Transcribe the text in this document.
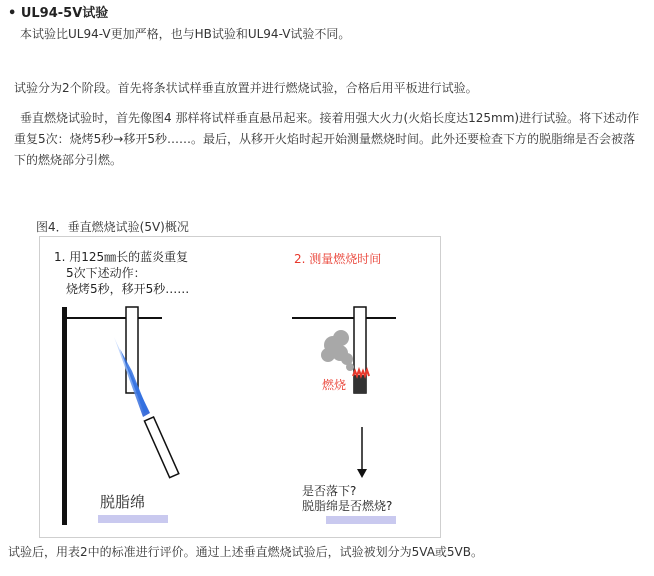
• UL94-5V试验
本试验比UL94-V更加严格，也与HB试验和UL94-V试验不同。
试验分为2个阶段。首先将条状试样垂直放置并进行燃烧试验，合格后用平板进行试验。
垂直燃烧试验时，首先像图4 那样将试样垂直悬吊起来。接着用强大火力(火焰长度达125mm)进行试验。将下述动作重复5次：烧烤5秒→移开5秒……。最后，从移开火焰时起开始测量燃烧时间。此外还要检查下方的脱脂绵是否会被落下的燃烧部分引燃。
图4．垂直燃烧试验(5V)概况
1. 用125㎜长的蓝炎重复
5次下述动作：
烧烤5秒，移开5秒……
脱脂绵
2. 测量燃烧时间
燃烧
是否落下?
脱脂绵是否燃烧?
试验后，用表2中的标准进行评价。通过上述垂直燃烧试验后，试验被划分为5VA或5VB。
